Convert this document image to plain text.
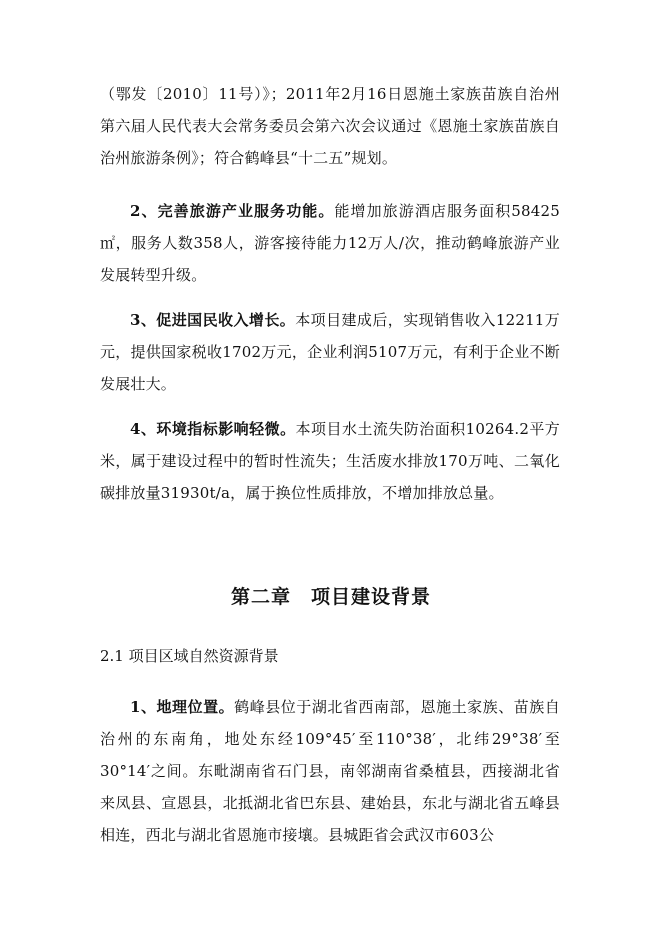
（鄂发〔2010〕11号）》；2011年2月16日恩施土家族苗族自治州第六届人民代表大会常务委员会第六次会议通过《恩施土家族苗族自治州旅游条例》；符合鹤峰县“十二五”规划。

2、完善旅游产业服务功能。能增加旅游酒店服务面积58425㎡，服务人数358人，游客接待能力12万人/次，推动鹤峰旅游产业发展转型升级。

3、促进国民收入增长。本项目建成后，实现销售收入12211万元，提供国家税收1702万元，企业利润5107万元，有利于企业不断发展壮大。

4、环境指标影响轻微。本项目水土流失防治面积10264.2平方米，属于建设过程中的暂时性流失；生活废水排放170万吨、二氧化碳排放量31930t/a，属于换位性质排放，不增加排放总量。

第二章　项目建设背景
2.1 项目区域自然资源背景

1、地理位置。鹤峰县位于湖北省西南部，恩施土家族、苗族自治州的东南角，地处东经109°45′至110°38′，北纬29°38′至30°14′之间。东毗湖南省石门县，南邻湖南省桑植县，西接湖北省来凤县、宣恩县，北抵湖北省巴东县、建始县，东北与湖北省五峰县相连，西北与湖北省恩施市接壤。县城距省会武汉市603公
